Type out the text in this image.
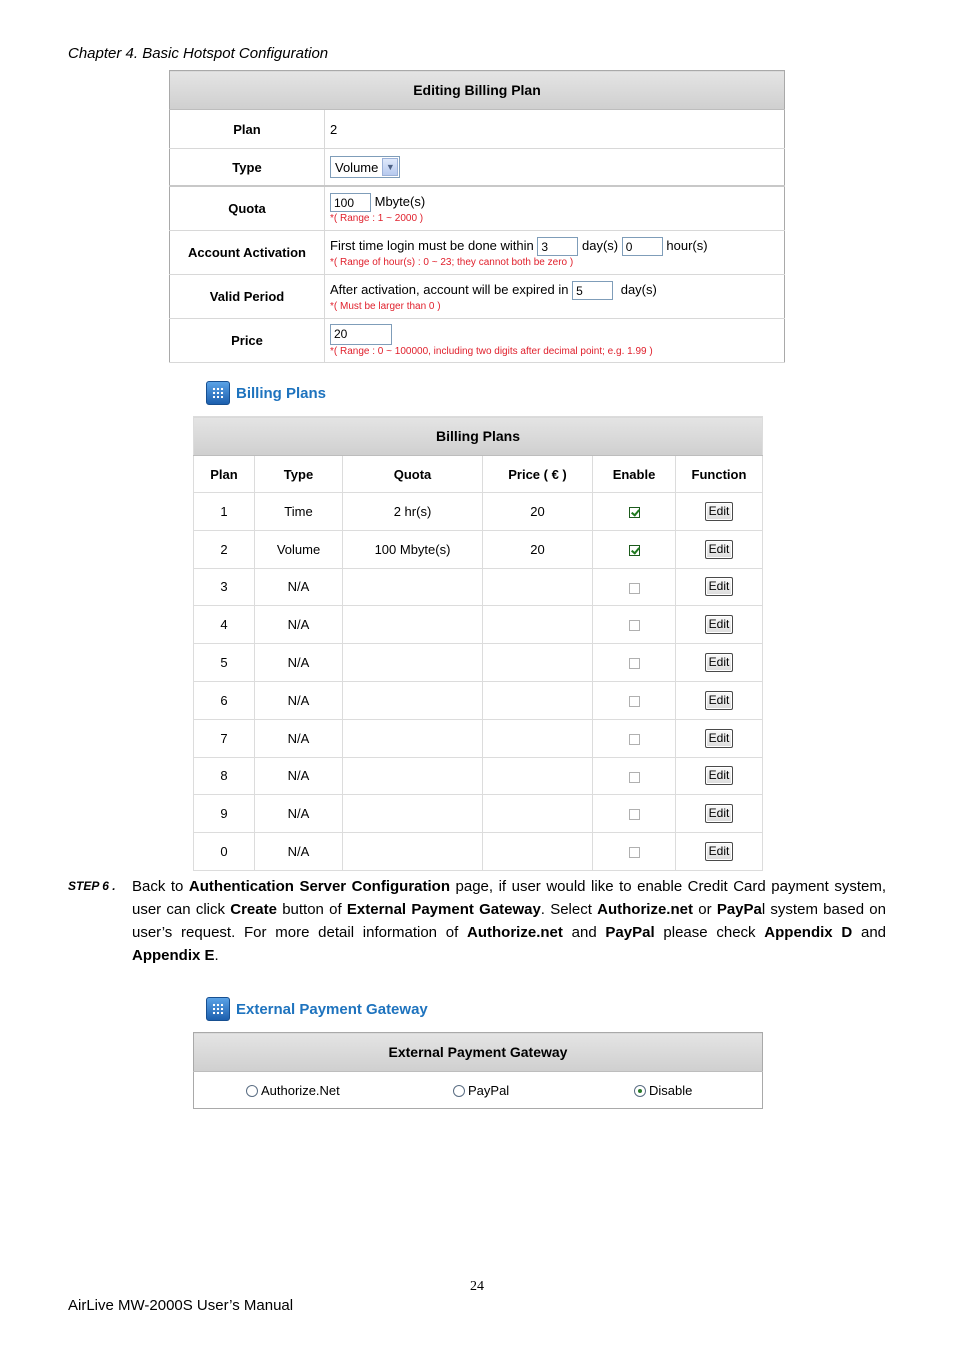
Chapter 4. Basic Hotspot Configuration
Editing Billing Plan	
Plan	2
Type	Volume ▼

Quota	100 Mbyte(s)
*( Range : 1 ~ 2000 )

Account Activation	First time login must be done within 3 day(s) 0 hour(s)
*( Range of hour(s) : 0 ~ 23; they cannot both be zero )

Valid Period	After activation, account will be expired in 5 day(s)
*( Must be larger than 0 )

Price	20
*( Range : 0 ~ 100000, including two digits after decimal point; e.g. 1.99 )
Billing Plans
Billing Plans					
Plan	Type	Quota	Price ( € )	Enable	Function
1	Time	2 hr(s)	20		Edit
2	Volume	100 Mbyte(s)	20		Edit
3	N/A				Edit
4	N/A				Edit
5	N/A				Edit
6	N/A				Edit
7	N/A				Edit
8	N/A				Edit
9	N/A				Edit
0	N/A				Edit
STEP 6 . Back to Authentication Server Configuration page, if user would like to enable Credit Card payment system, user can click Create button of External Payment Gateway. Select Authorize.net or PayPal system based on user’s request. For more detail information of Authorize.net and PayPal please check Appendix D and Appendix E.
External Payment Gateway
External Payment Gateway
Authorize.Net	PayPal	Disable
24
AirLive MW-2000S User’s Manual
